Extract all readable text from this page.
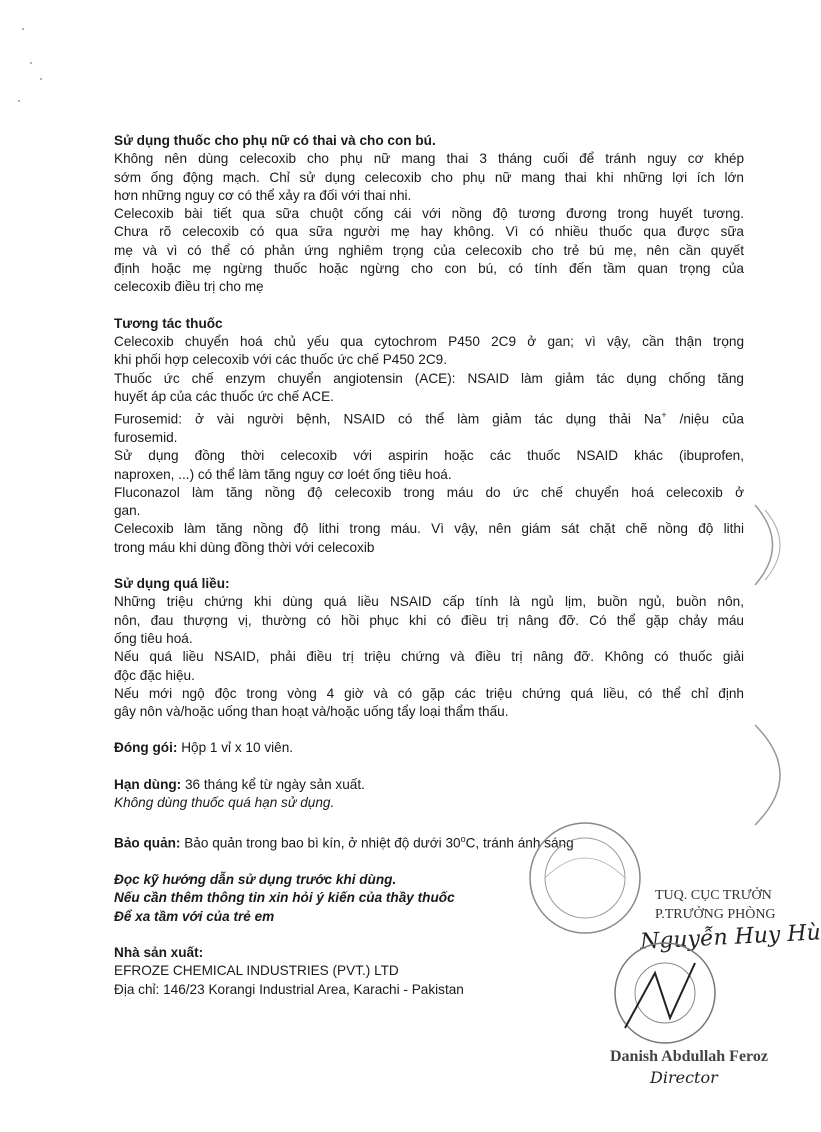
Sử dụng thuốc cho phụ nữ có thai và cho con bú.

Không nên dùng celecoxib cho phụ nữ mang thai 3 tháng cuối để tránh nguy cơ khép

sớm ống động mạch. Chỉ sử dụng celecoxib cho phụ nữ mang thai khi những lợi ích lớn

hơn những nguy cơ có thể xảy ra đối với thai nhi.

Celecoxib bài tiết qua sữa chuột cống cái với nồng độ tương đương trong huyết tương.

Chưa rõ celecoxib có qua sữa người mẹ hay không. Vì có nhiều thuốc qua được sữa

mẹ và vì có thể có phản ứng nghiêm trọng của celecoxib cho trẻ bú mẹ, nên cần quyết

định hoặc mẹ ngừng thuốc hoặc ngừng cho con bú, có tính đến tầm quan trọng của

celecoxib điều trị cho mẹ

Tương tác thuốc

Celecoxib chuyển hoá chủ yếu qua cytochrom P450 2C9 ở gan; vì vậy, cần thận trọng

khi phối hợp celecoxib với các thuốc ức chế P450 2C9.

Thuốc ức chế enzym chuyển angiotensin (ACE): NSAID làm giảm tác dụng chống tăng

huyết áp của các thuốc ức chế ACE.

Furosemid: ở vài người bệnh, NSAID có thể làm giảm tác dụng thải Na+ /niệu của

furosemid.

Sử dụng đồng thời celecoxib với aspirin hoặc các thuốc NSAID khác (ibuprofen,

naproxen, ...) có thể làm tăng nguy cơ loét ống tiêu hoá.

Fluconazol làm tăng nồng độ celecoxib trong máu do ức chế chuyển hoá celecoxib ở

gan.

Celecoxib làm tăng nồng độ lithi trong máu. Vì vậy, nên giám sát chặt chẽ nồng độ lithi

trong máu khi dùng đồng thời với celecoxib

Sử dụng quá liều:

Những triệu chứng khi dùng quá liều NSAID cấp tính là ngủ lịm, buồn ngủ, buồn nôn,

nôn, đau thượng vị, thường có hồi phục khi có điều trị nâng đỡ. Có thể gặp chảy máu

ống tiêu hoá.

Nếu quá liều NSAID, phải điều trị triệu chứng và điều trị nâng đỡ. Không có thuốc giải

độc đặc hiệu.

Nếu mới ngộ độc trong vòng 4 giờ và có gặp các triệu chứng quá liều, có thể chỉ định

gây nôn và/hoặc uống than hoạt và/hoặc uống tẩy loại thẩm thấu.

Đóng gói: Hộp 1 vỉ x 10 viên.

Hạn dùng: 36 tháng kể từ ngày sản xuất.

Không dùng thuốc quá hạn sử dụng.

Bảo quản: Bảo quản trong bao bì kín, ở nhiệt độ dưới 30$^o$C, tránh ánh sáng

Đọc kỹ hướng dẫn sử dụng trước khi dùng.

Nếu cần thêm thông tin xin hỏi ý kiến của thầy thuốc

Để xa tầm với của trẻ em

Nhà sản xuất:

EFROZE CHEMICAL INDUSTRIES (PVT.) LTD

Địa chỉ: 146/23 Korangi Industrial Area, Karachi - Pakistan

TUQ. CỤC TRƯỞN
P.TRƯỞNG PHÒNG
Nguyễn Huy Hù
Danish Abdullah Feroz
Director
